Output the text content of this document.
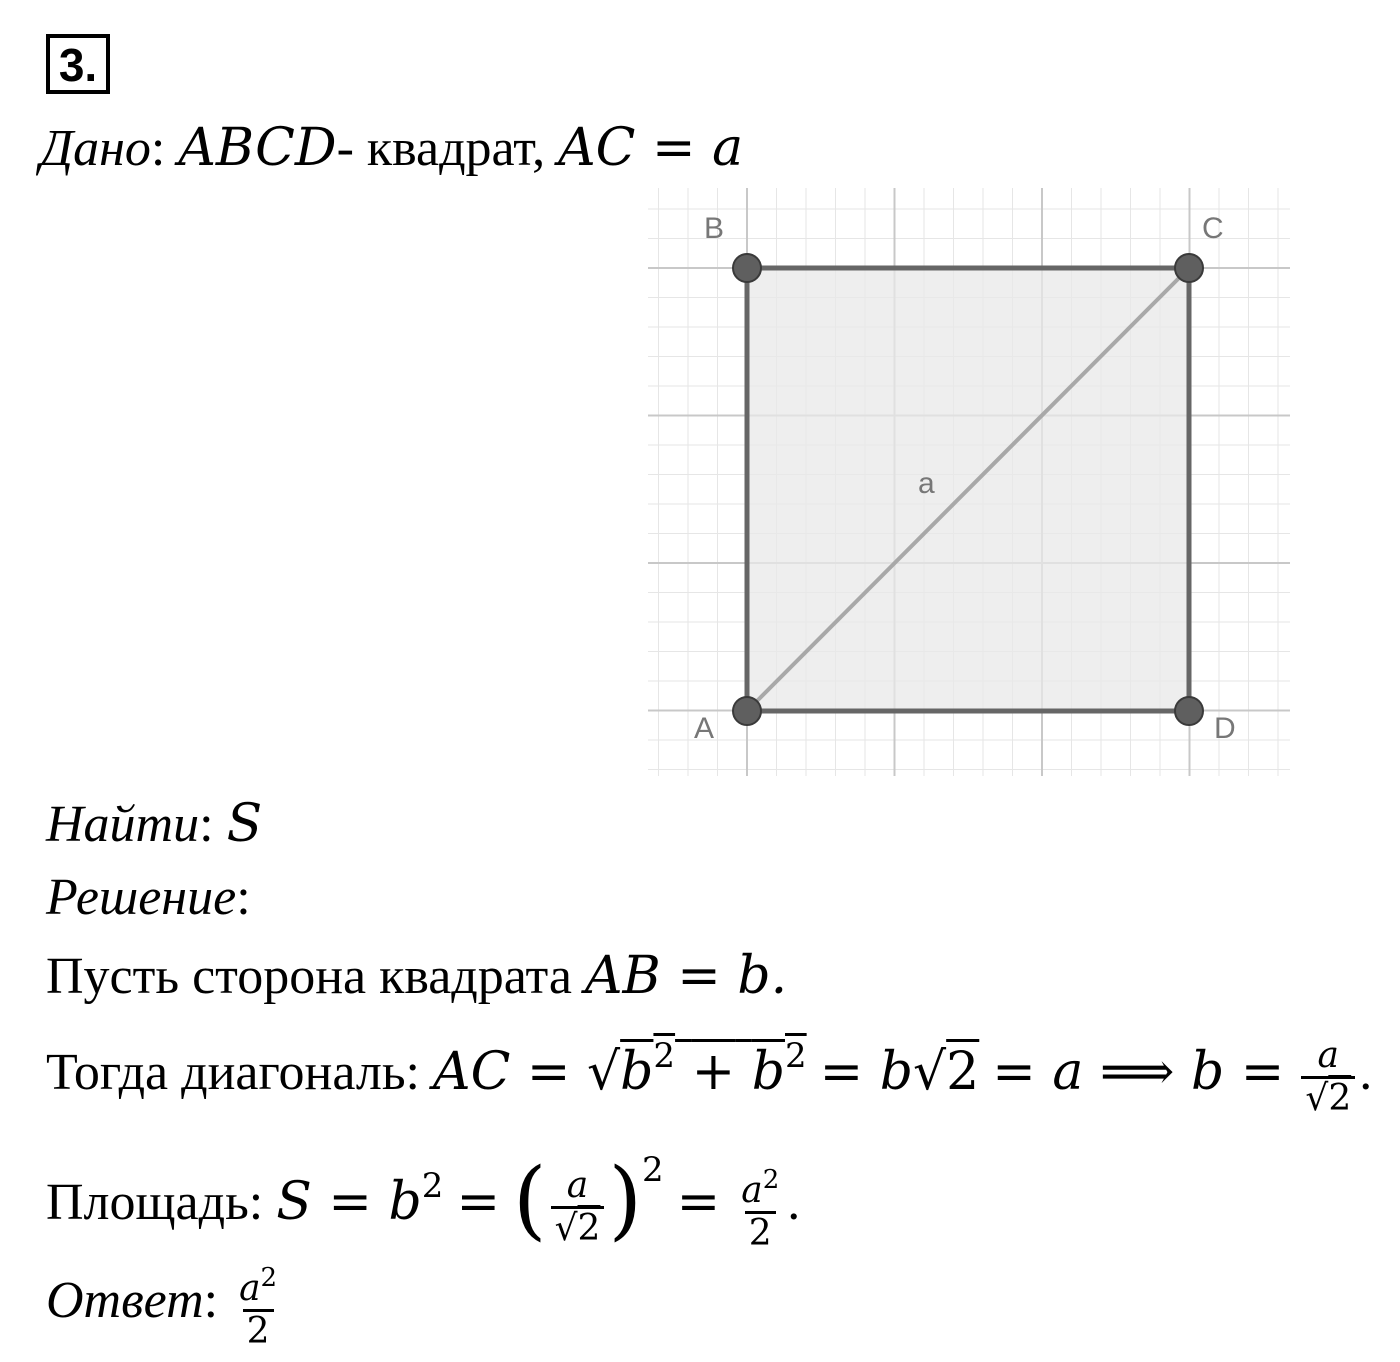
3.
Дано: ABCD- квадрат, AC = a
B	C
D
A
a
Найти: S
Решение:
Пусть сторона квадрата AB = b.
Тогда диагональ: AC = $√b^2 + b^2 = b√2 = a$ ⟹ $b = \frac{a}{√2}$ .
Площадь: $S = b^2$ = ( $\frac{a}{√2} )^2 = \frac{a^2}{2}$ .
Ответ: $\frac{a^2}{2}$
